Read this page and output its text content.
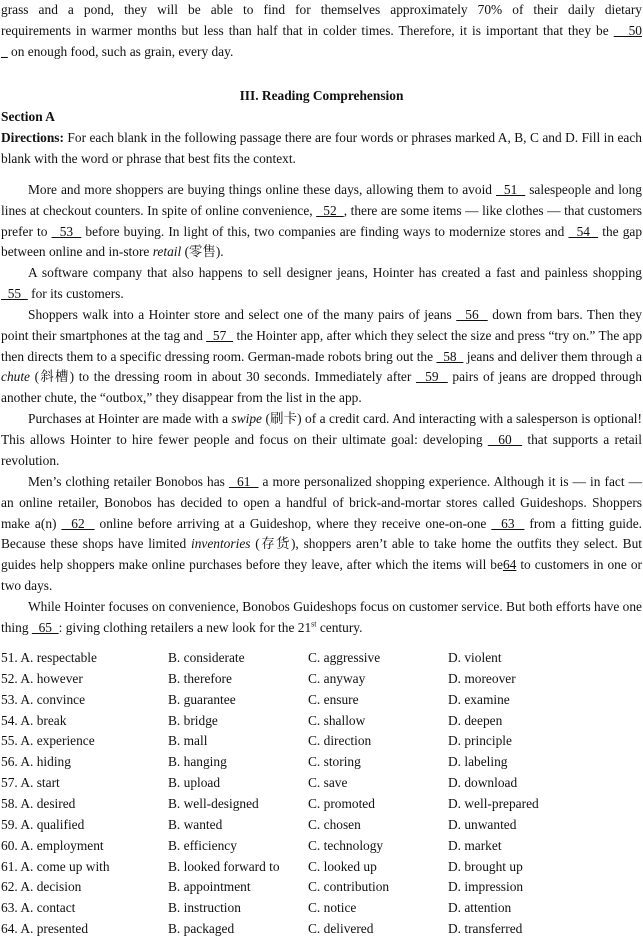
grass and a pond, they will be able to find for themselves approximately 70% of their daily dietary
requirements in warmer months but less than half that in colder times. Therefore, it is important that they be    50
_ on enough food, such as grain, every day.
III. Reading Comprehension
Section A
Directions: For each blank in the following passage there are four words or phrases marked A, B, C and D. Fill in each blank with the word or phrase that best fits the context.
More and more shoppers are buying things online these days, allowing them to avoid   51   salespeople and long lines at checkout counters. In spite of online convenience,   52  , there are some items — like clothes — that customers prefer to   53   before buying. In light of this, two companies are finding ways to modernize stores and   54   the gap between online and in-store retail (零售).
A software company that also happens to sell designer jeans, Hointer has created a fast and painless shopping   55   for its customers.
Shoppers walk into a Hointer store and select one of the many pairs of jeans   56   down from bars. Then they point their smartphones at the tag and   57   the Hointer app, after which they select the size and press “try on.” The app then directs them to a specific dressing room. German-made robots bring out the   58   jeans and deliver them through a chute (斜槽) to the dressing room in about 30 seconds. Immediately after   59   pairs of jeans are dropped through another chute, the “outbox,” they disappear from the list in the app.
Purchases at Hointer are made with a swipe (刷卡) of a credit card. And interacting with a salesperson is optional! This allows Hointer to hire fewer people and focus on their ultimate goal: developing   60   that supports a retail revolution.
Men’s clothing retailer Bonobos has   61   a more personalized shopping experience. Although it is — in fact — an online retailer, Bonobos has decided to open a handful of brick-and-mortar stores called Guideshops. Shoppers make a(n)   62   online before arriving at a Guideshop, where they receive one-on-one   63   from a fitting guide. Because these shops have limited inventories (存货), shoppers aren’t able to take home the outfits they select. But guides help shoppers make online purchases before they leave, after which the items will be64 to customers in one or two days.
While Hointer focuses on convenience, Bonobos Guideshops focus on customer service. But both efforts have one thing   65  : giving clothing retailers a new look for the 21st century.
51. A. respectable	B. considerate	C. aggressive	D. violent
52. A. however	B. therefore	C. anyway	D. moreover
53. A. convince	B. guarantee	C. ensure	D. examine
54. A. break	B. bridge	C. shallow	D. deepen
55. A. experience	B. mall	C. direction	D. principle
56. A. hiding	B. hanging	C. storing	D. labeling
57. A. start	B. upload	C. save	D. download
58. A. desired	B. well-designed	C. promoted	D. well-prepared
59. A. qualified	B. wanted	C. chosen	D. unwanted
60. A. employment	B. efficiency	C. technology	D. market
61. A. come up with	B. looked forward to C. looked up	D. brought up
62. A. decision	B. appointment	C. contribution	D. impression
63. A. contact	B. instruction	C. notice	D. attention
64. A. presented	B. packaged	C. delivered	D. transferred
